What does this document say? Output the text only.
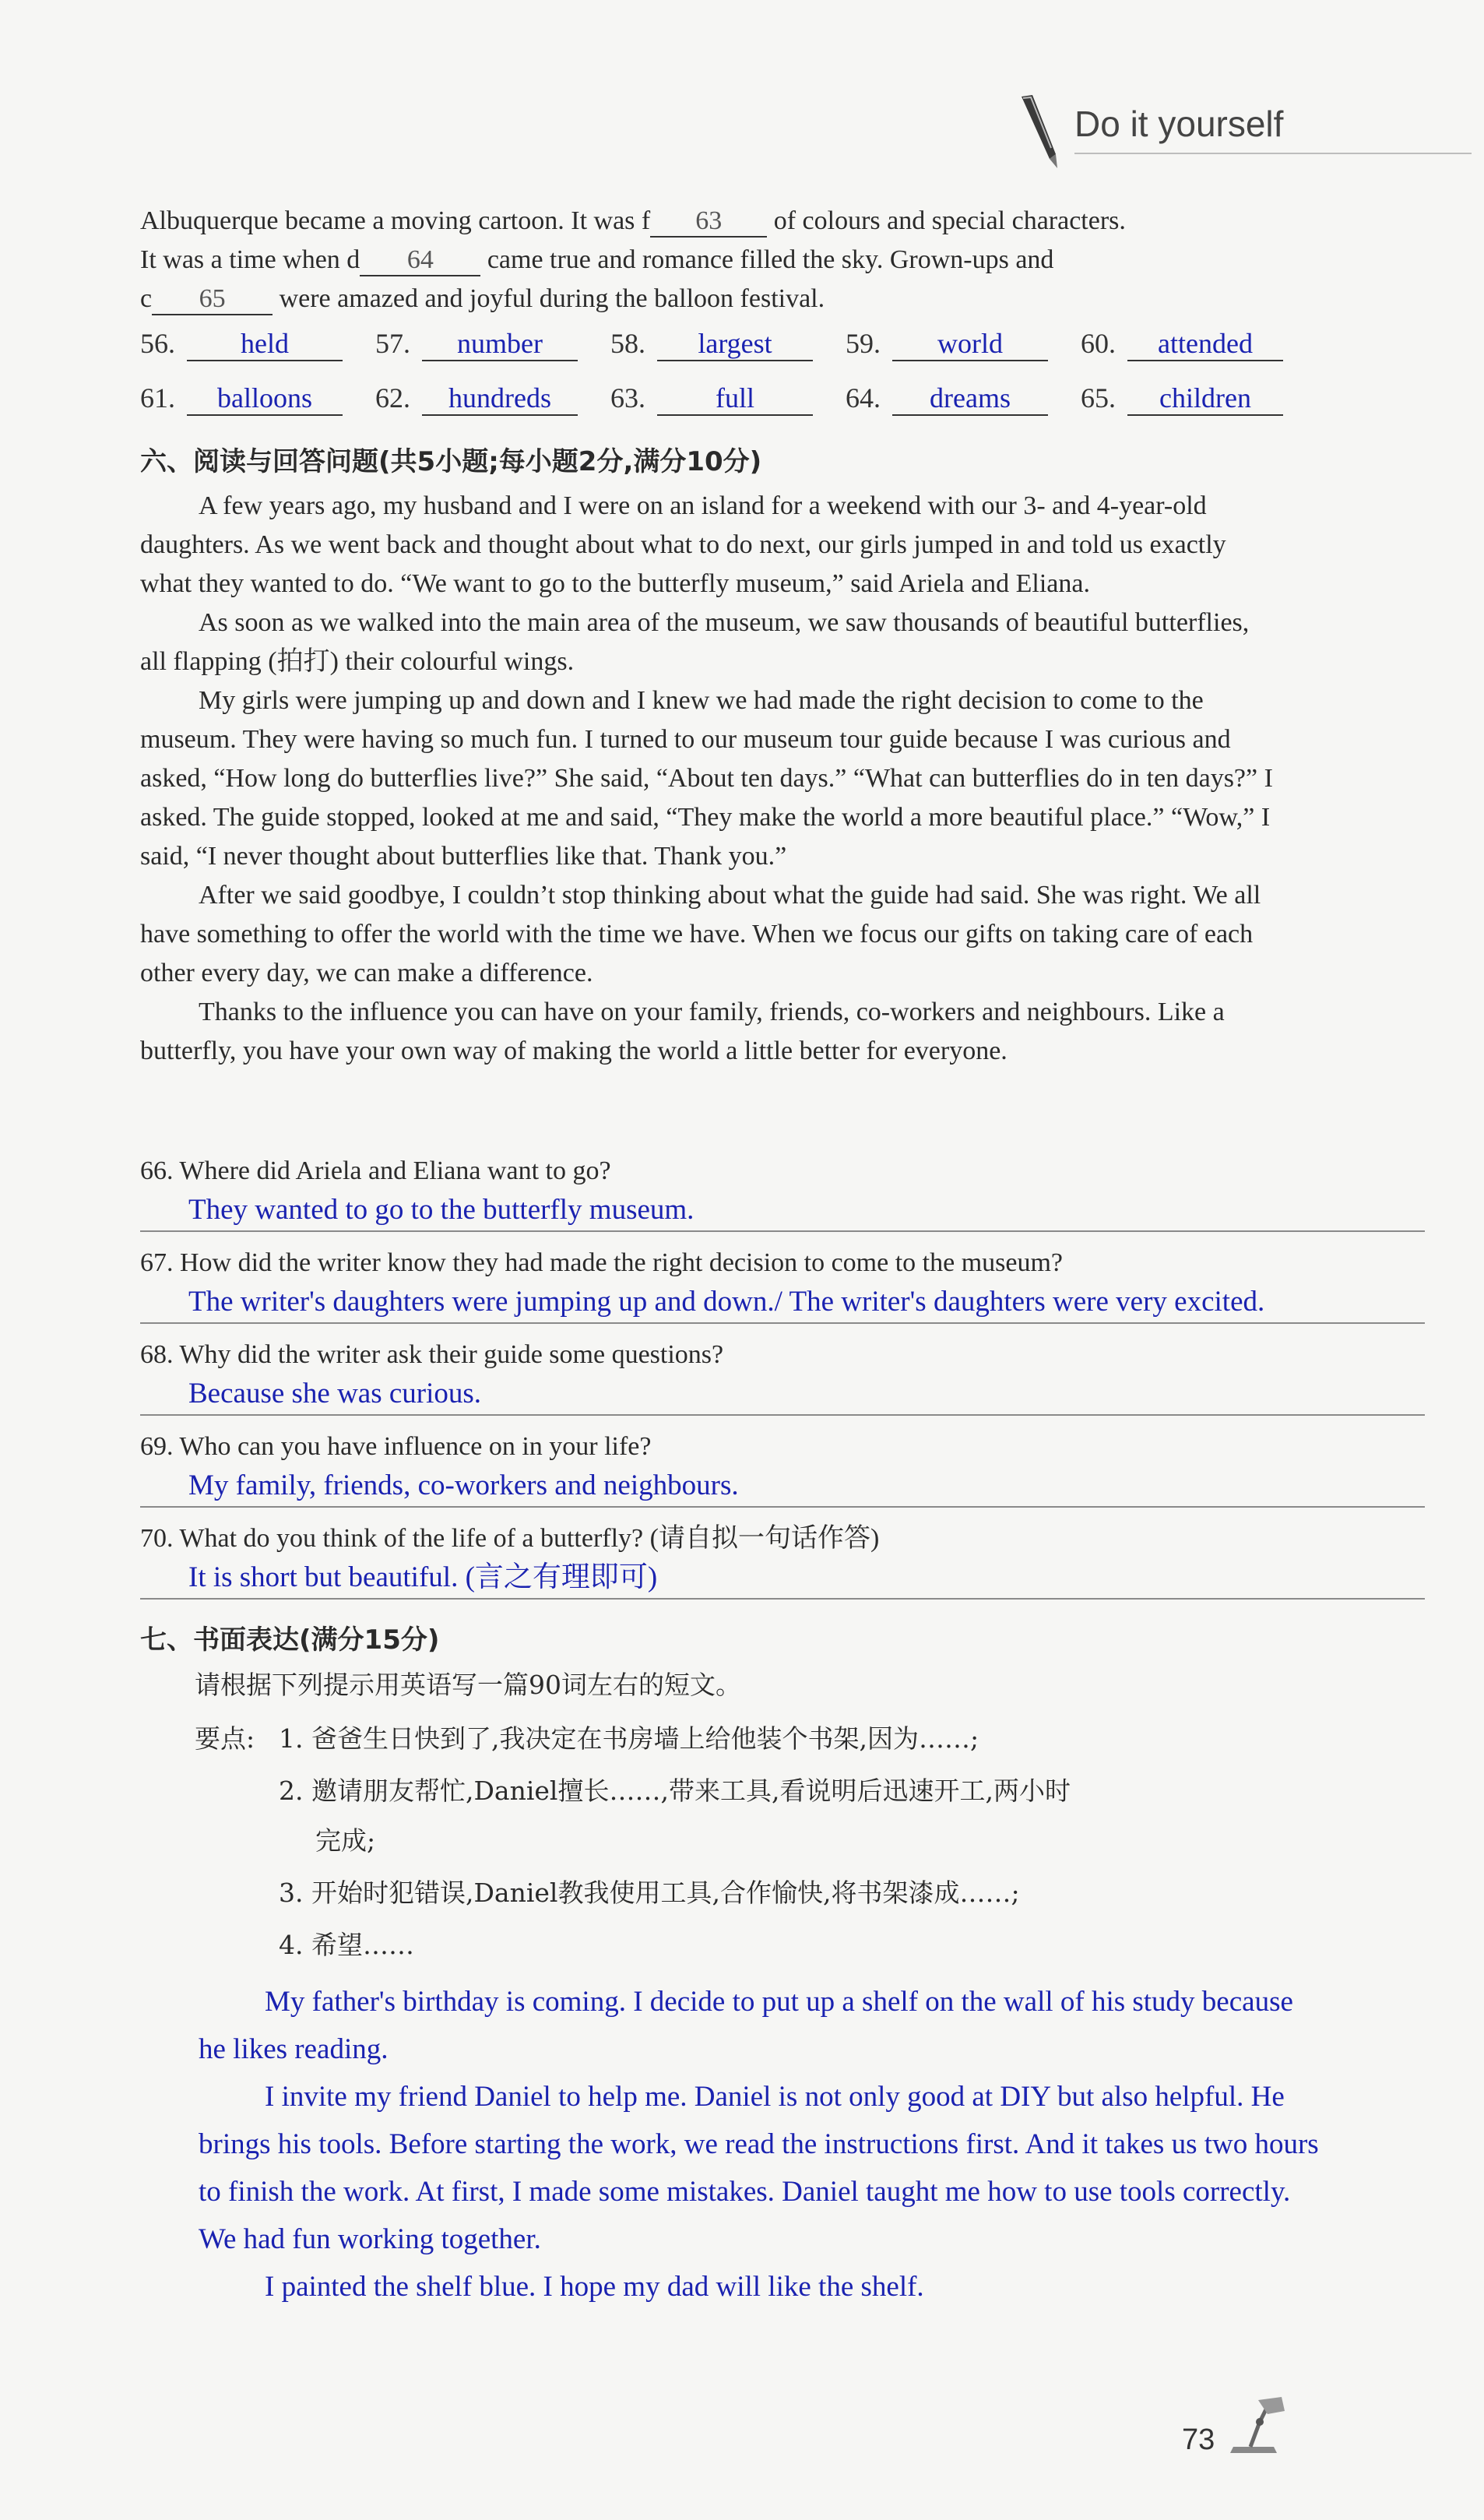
Do it yourself
Albuquerque became a moving cartoon. It was f 63 of colours and special characters.
It was a time when d 64 came true and romance filled the sky. Grown-ups and
c 65 were amazed and joyful during the balloon festival.
56.	held	57.	number	58.	largest	59.	world	60.	attended
61.	balloons	62.	hundreds	63.	full	64.	dreams	65.	children
六、阅读与回答问题(共5小题;每小题2分,满分10分)

A few years ago, my husband and I were on an island for a weekend with our 3- and 4-year-old daughters. As we went back and thought about what to do next, our girls jumped in and told us exactly what they wanted to do. “We want to go to the butterfly museum,” said Ariela and Eliana.

As soon as we walked into the main area of the museum, we saw thousands of beautiful butterflies, all flapping (拍打) their colourful wings.

My girls were jumping up and down and I knew we had made the right decision to come to the museum. They were having so much fun. I turned to our museum tour guide because I was curious and asked, “How long do butterflies live?” She said, “About ten days.” “What can butterflies do in ten days?” I asked. The guide stopped, looked at me and said, “They make the world a more beautiful place.” “Wow,” I said, “I never thought about butterflies like that. Thank you.”

After we said goodbye, I couldn’t stop thinking about what the guide had said. She was right. We all have something to offer the world with the time we have. When we focus our gifts on taking care of each other every day, we can make a difference.

Thanks to the influence you can have on your family, friends, co-workers and neighbours. Like a butterfly, you have your own way of making the world a little better for everyone.

66. Where did Ariela and Eliana want to go?
They wanted to go to the butterfly museum.
67. How did the writer know they had made the right decision to come to the museum?
The writer's daughters were jumping up and down./ The writer's daughters were very excited.
68. Why did the writer ask their guide some questions?
Because she was curious.
69. Who can you have influence on in your life?
My family, friends, co-workers and neighbours.
70. What do you think of the life of a butterfly? (请自拟一句话作答)
It is short but beautiful. (言之有理即可)
七、书面表达(满分15分)
请根据下列提示用英语写一篇90词左右的短文。
要点: 1. 爸爸生日快到了,我决定在书房墙上给他装个书架,因为……;
2. 邀请朋友帮忙,Daniel擅长……,带来工具,看说明后迅速开工,两小时
完成;
3. 开始时犯错误,Daniel教我使用工具,合作愉快,将书架漆成……;
4. 希望……

My father's birthday is coming. I decide to put up a shelf on the wall of his study because he likes reading.

I invite my friend Daniel to help me. Daniel is not only good at DIY but also helpful. He brings his tools. Before starting the work, we read the instructions first. And it takes us two hours to finish the work. At first, I made some mistakes. Daniel taught me how to use tools correctly. We had fun working together.

I painted the shelf blue. I hope my dad will like the shelf.

73
